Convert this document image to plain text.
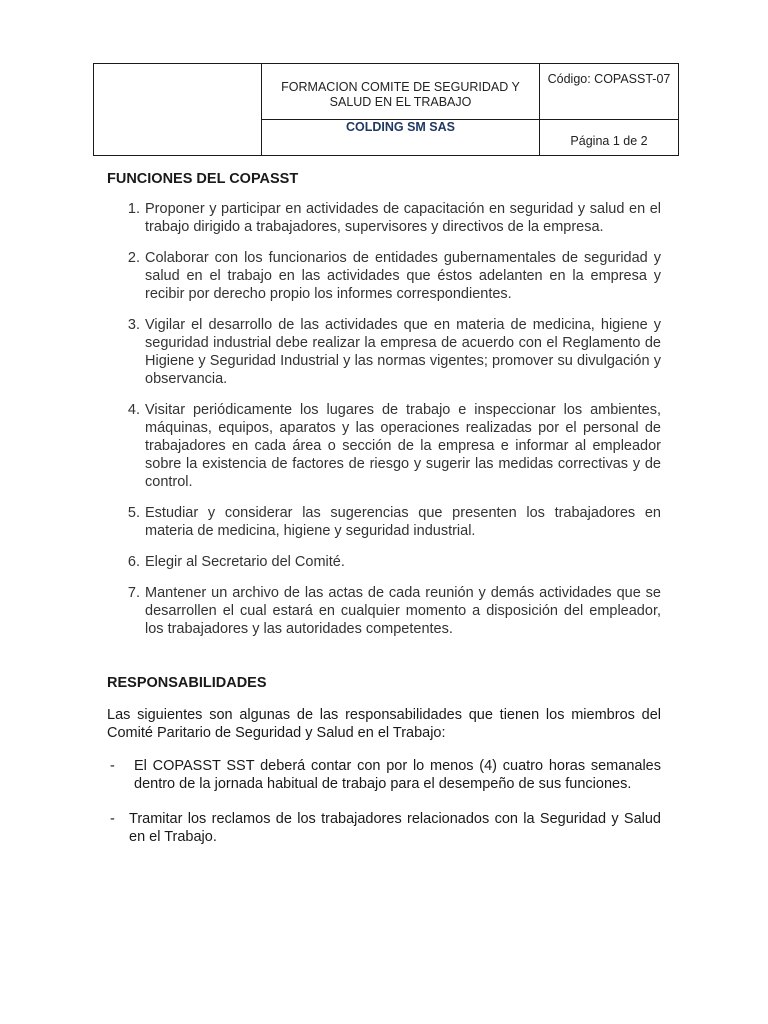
	FORMACION COMITE DE SEGURIDAD Y SALUD EN EL TRABAJO	Código: COPASST-07

	COLDING SM SAS	Página 1 de 2
FUNCIONES DEL COPASST
1. Proponer y participar en actividades de capacitación en seguridad y salud en el trabajo dirigido a trabajadores, supervisores y directivos de la empresa.
2. Colaborar con los funcionarios de entidades gubernamentales de seguridad y salud en el trabajo en las actividades que éstos adelanten en la empresa y recibir por derecho propio los informes correspondientes.
3. Vigilar el desarrollo de las actividades que en materia de medicina, higiene y seguridad industrial debe realizar la empresa de acuerdo con el Reglamento de Higiene y Seguridad Industrial y las normas vigentes; promover su divulgación y observancia.
4. Visitar periódicamente los lugares de trabajo e inspeccionar los ambientes, máquinas, equipos, aparatos y las operaciones realizadas por el personal de trabajadores en cada área o sección de la empresa e informar al empleador sobre la existencia de factores de riesgo y sugerir las medidas correctivas y de control.
5. Estudiar y considerar las sugerencias que presenten los trabajadores en materia de medicina, higiene y seguridad industrial.
6. Elegir al Secretario del Comité.
7. Mantener un archivo de las actas de cada reunión y demás actividades que se desarrollen el cual estará en cualquier momento a disposición del empleador, los trabajadores y las autoridades competentes.
RESPONSABILIDADES

Las siguientes son algunas de las responsabilidades que tienen los miembros del Comité Paritario de Seguridad y Salud en el Trabajo:

- El COPASST SST deberá contar con por lo menos (4) cuatro horas semanales dentro de la jornada habitual de trabajo para el desempeño de sus funciones.
- Tramitar los reclamos de los trabajadores relacionados con la Seguridad y Salud en el Trabajo.
